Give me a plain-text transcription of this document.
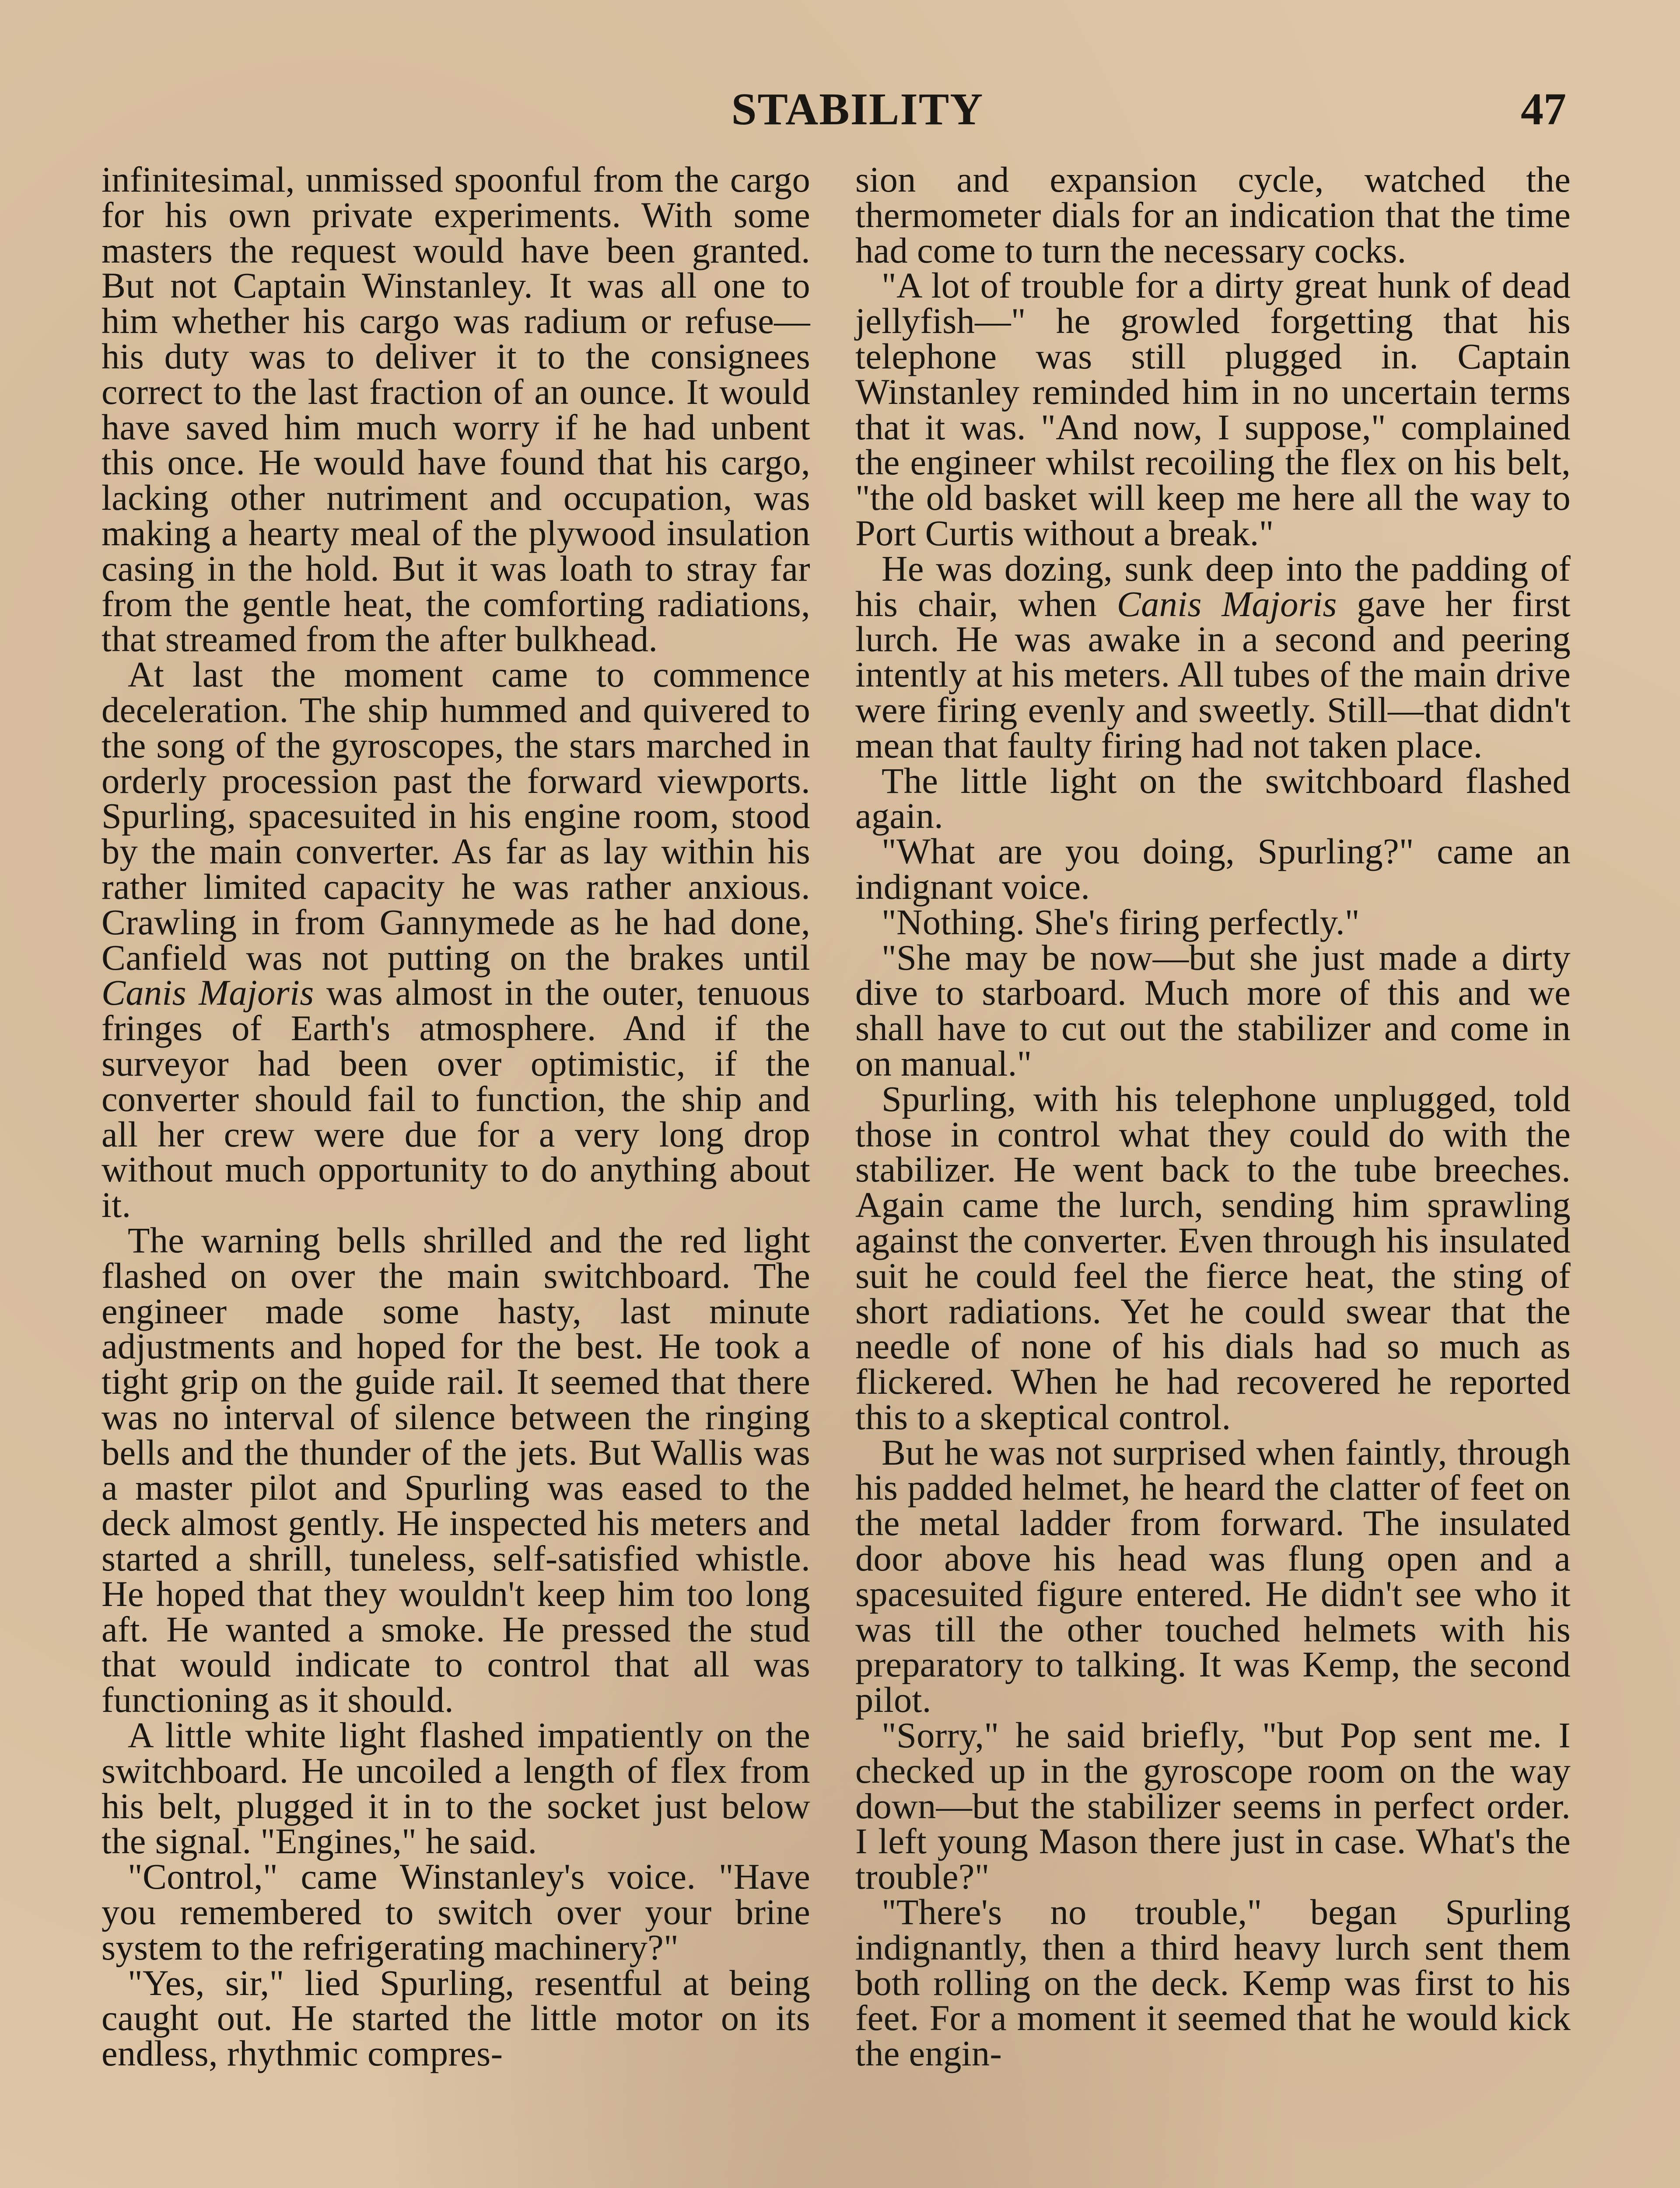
STABILITY	47

infinitesimal, unmissed spoonful from the cargo for his own private experiments. With some masters the request would have been granted. But not Captain Winstanley. It was all one to him whether his cargo was radium or refuse—his duty was to deliver it to the consignees correct to the last fraction of an ounce. It would have saved him much worry if he had unbent this once. He would have found that his cargo, lacking other nutriment and occupation, was making a hearty meal of the plywood insulation casing in the hold. But it was loath to stray far from the gentle heat, the comforting radiations, that streamed from the after bulkhead.

At last the moment came to commence deceleration. The ship hummed and quivered to the song of the gyroscopes, the stars marched in orderly procession past the forward viewports. Spurling, spacesuited in his engine room, stood by the main converter. As far as lay within his rather limited capacity he was rather anxious. Crawling in from Gannymede as he had done, Canfield was not putting on the brakes until Canis Majoris was almost in the outer, tenuous fringes of Earth's atmosphere. And if the surveyor had been over optimistic, if the converter should fail to function, the ship and all her crew were due for a very long drop without much opportunity to do anything about it.

The warning bells shrilled and the red light flashed on over the main switchboard. The engineer made some hasty, last minute adjustments and hoped for the best. He took a tight grip on the guide rail. It seemed that there was no interval of silence between the ringing bells and the thunder of the jets. But Wallis was a master pilot and Spurling was eased to the deck almost gently. He inspected his meters and started a shrill, tuneless, self-satisfied whistle. He hoped that they wouldn't keep him too long aft. He wanted a smoke. He pressed the stud that would indicate to control that all was functioning as it should.

A little white light flashed impatiently on the switchboard. He uncoiled a length of flex from his belt, plugged it in to the socket just below the signal. "Engines," he said.

"Control," came Winstanley's voice. "Have you remembered to switch over your brine system to the refrigerating machinery?"

"Yes, sir," lied Spurling, resentful at being caught out. He started the little motor on its endless, rhythmic compres-

sion and expansion cycle, watched the thermometer dials for an indication that the time had come to turn the necessary cocks.

"A lot of trouble for a dirty great hunk of dead jellyfish—" he growled forgetting that his telephone was still plugged in. Captain Winstanley reminded him in no uncertain terms that it was. "And now, I suppose," complained the engineer whilst recoiling the flex on his belt, "the old basket will keep me here all the way to Port Curtis without a break."

He was dozing, sunk deep into the padding of his chair, when Canis Majoris gave her first lurch. He was awake in a second and peering intently at his meters. All tubes of the main drive were firing evenly and sweetly. Still—that didn't mean that faulty firing had not taken place.

The little light on the switchboard flashed again.

"What are you doing, Spurling?" came an indignant voice.

"Nothing. She's firing perfectly."

"She may be now—but she just made a dirty dive to starboard. Much more of this and we shall have to cut out the stabilizer and come in on manual."

Spurling, with his telephone unplugged, told those in control what they could do with the stabilizer. He went back to the tube breeches. Again came the lurch, sending him sprawling against the converter. Even through his insulated suit he could feel the fierce heat, the sting of short radiations. Yet he could swear that the needle of none of his dials had so much as flickered. When he had recovered he reported this to a skeptical control.

But he was not surprised when faintly, through his padded helmet, he heard the clatter of feet on the metal ladder from forward. The insulated door above his head was flung open and a spacesuited figure entered. He didn't see who it was till the other touched helmets with his preparatory to talking. It was Kemp, the second pilot.

"Sorry," he said briefly, "but Pop sent me. I checked up in the gyroscope room on the way down—but the stabilizer seems in perfect order. I left young Mason there just in case. What's the trouble?"

"There's no trouble," began Spurling indignantly, then a third heavy lurch sent them both rolling on the deck. Kemp was first to his feet. For a moment it seemed that he would kick the engin-
